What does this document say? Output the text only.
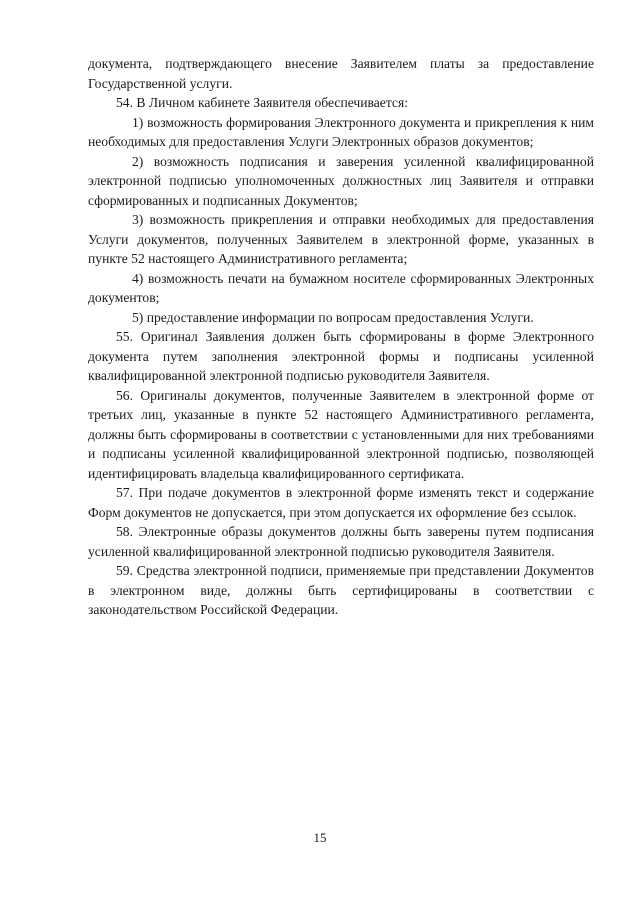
документа, подтверждающего внесение Заявителем платы за предоставление Государственной услуги.

54. В Личном кабинете Заявителя обеспечивается:

1) возможность формирования Электронного документа и прикрепления к ним необходимых для предоставления Услуги Электронных образов документов;

2) возможность подписания и заверения усиленной квалифицированной электронной подписью уполномоченных должностных лиц Заявителя и отправки сформированных и подписанных Документов;

3) возможность прикрепления и отправки необходимых для предоставления Услуги документов, полученных Заявителем в электронной форме, указанных в пункте 52 настоящего Административного регламента;

4) возможность печати на бумажном носителе сформированных Электронных документов;

5) предоставление информации по вопросам предоставления Услуги.

55. Оригинал Заявления должен быть сформированы в форме Электронного документа путем заполнения электронной формы и подписаны усиленной квалифицированной электронной подписью руководителя Заявителя.

56. Оригиналы документов, полученные Заявителем в электронной форме от третьих лиц, указанные в пункте 52 настоящего Административного регламента, должны быть сформированы в соответствии с установленными для них требованиями и подписаны усиленной квалифицированной электронной подписью, позволяющей идентифицировать владельца квалифицированного сертификата.

57. При подаче документов в электронной форме изменять текст и содержание Форм документов не допускается, при этом допускается их оформление без ссылок.

58. Электронные образы документов должны быть заверены путем подписания усиленной квалифицированной электронной подписью руководителя Заявителя.

59. Средства электронной подписи, применяемые при представлении Документов в электронном виде, должны быть сертифицированы в соответствии с законодательством Российской Федерации.

15
